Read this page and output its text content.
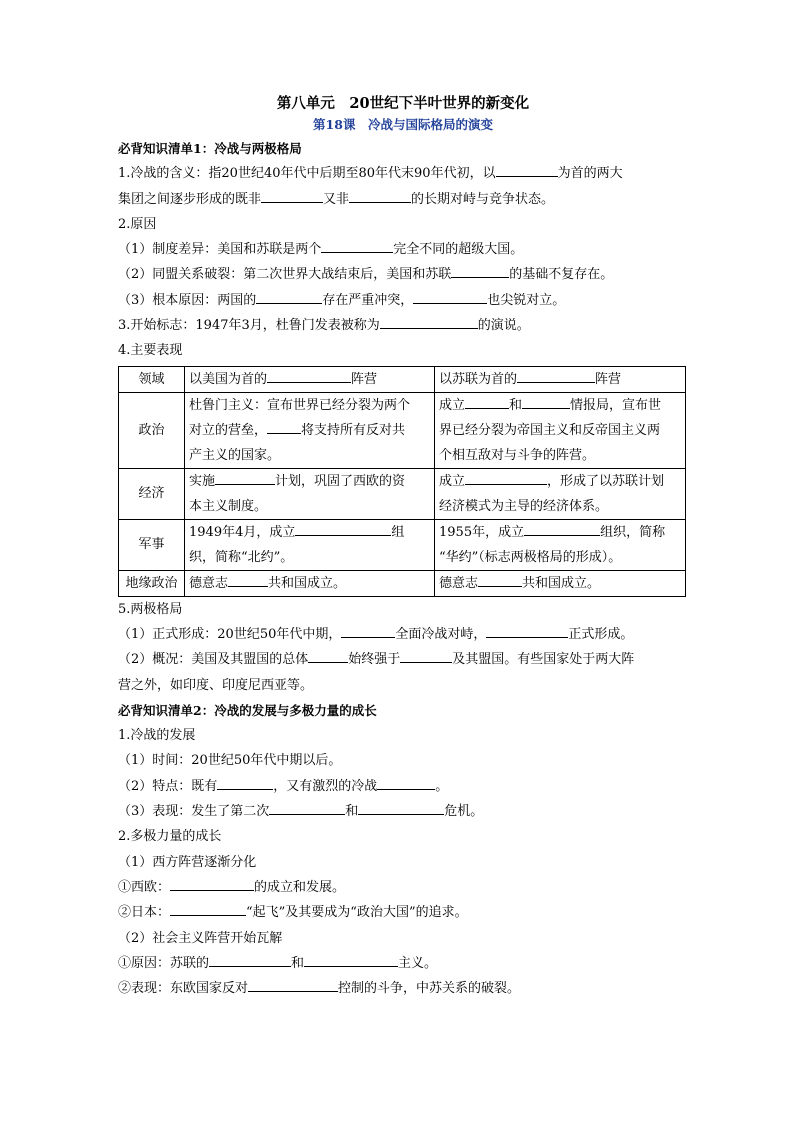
第八单元　20世纪下半叶世界的新变化

第18课　冷战与国际格局的演变

必背知识清单1：冷战与两极格局

1.冷战的含义：指20世纪40年代中后期至80年代末90年代初，以	为首的两大

集团之间逐步形成的既非	又非	的长期对峙与竞争状态。

2.原因

（1）制度差异：美国和苏联是两个	完全不同的超级大国。

（2）同盟关系破裂：第二次世界大战结束后，美国和苏联	的基础不复存在。

（3）根本原因：两国的	存在严重冲突，	也尖锐对立。

3.开始标志：1947年3月，杜鲁门发表被称为	的演说。

4.主要表现

领域	以美国为首的 阵营	以苏联为首的 阵营
政治	杜鲁门主义：宣布世界已经分裂为两个
对立的营垒， 将支持所有反对共
产主义的国家。	成立 和 情报局，宣布世
界已经分裂为帝国主义和反帝国主义两
个相互敌对与斗争的阵营。
经济	实施 计划，巩固了西欧的资
本主义制度。	成立 ，形成了以苏联计划
经济模式为主导的经济体系。
军事	1949年4月，成立 组
织，简称“北约”。	1955年，成立 组织，简称
“华约”（标志两极格局的形成）。
地缘政治	德意志 共和国成立。	德意志 共和国成立。

5.两极格局

（1）正式形成：20世纪50年代中期，	全面冷战对峙，	正式形成。

（2）概况：美国及其盟国的总体	始终强于	及其盟国。有些国家处于两大阵

营之外，如印度、印度尼西亚等。

必背知识清单2：冷战的发展与多极力量的成长

1.冷战的发展

（1）时间：20世纪50年代中期以后。

（2）特点：既有	，又有激烈的冷战	。

（3）表现：发生了第二次	和	危机。

2.多极力量的成长

（1）西方阵营逐渐分化

①西欧：	的成立和发展。

②日本：	“起飞”及其要成为“政治大国”的追求。

（2）社会主义阵营开始瓦解

①原因：苏联的	和	主义。

②表现：东欧国家反对	控制的斗争，中苏关系的破裂。
